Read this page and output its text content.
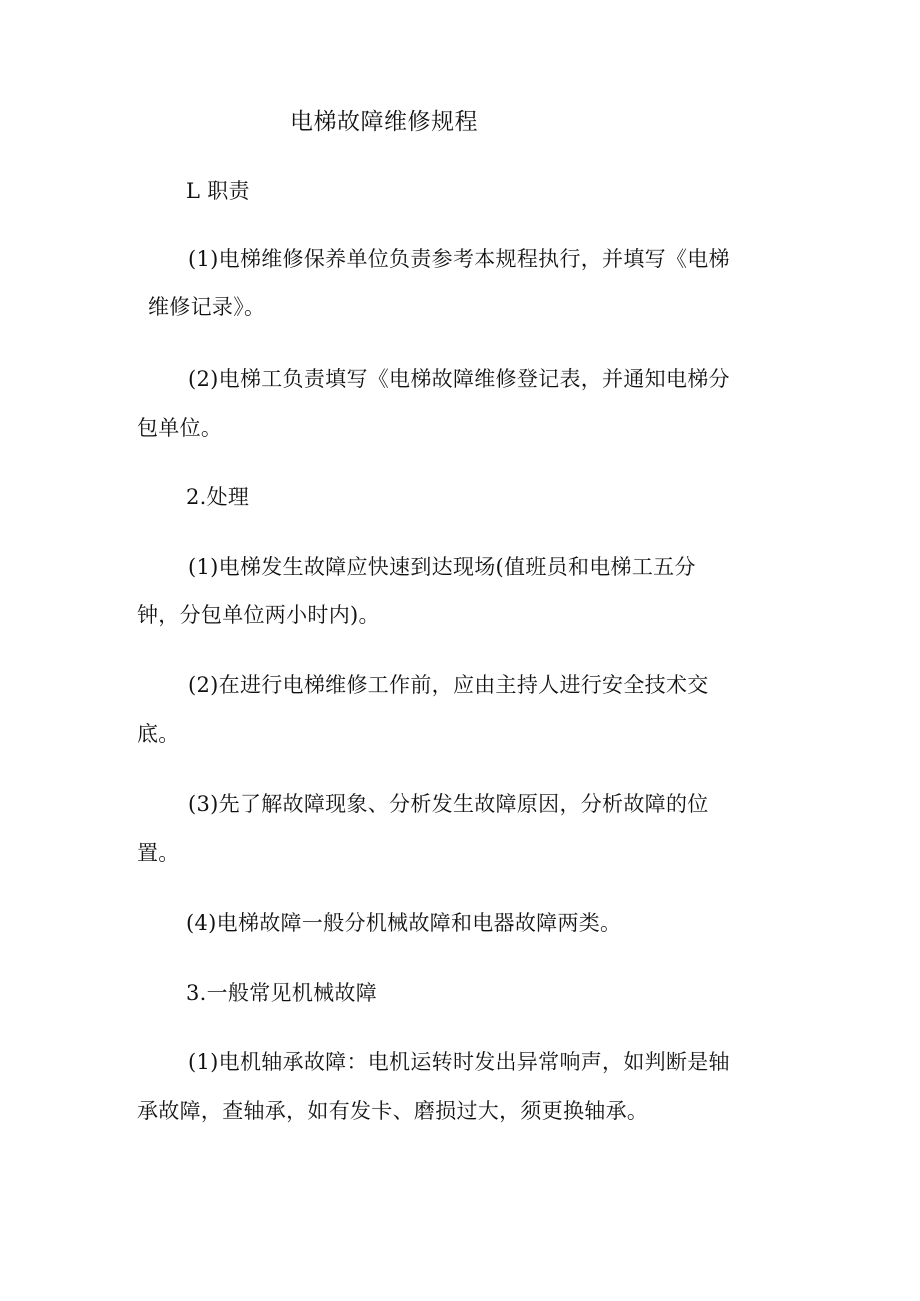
电梯故障维修规程
L 职责
(1)电梯维修保养单位负责参考本规程执行，并填写《电梯
维修记录》。
(2)电梯工负责填写《电梯故障维修登记表，并通知电梯分
包单位。
2.处理
(1)电梯发生故障应快速到达现场(值班员和电梯工五分
钟，分包单位两小时内)。
(2)在进行电梯维修工作前，应由主持人进行安全技术交
底。
(3)先了解故障现象、分析发生故障原因，分析故障的位
置。
(4)电梯故障一般分机械故障和电器故障两类。
3.一般常见机械故障
(1)电机轴承故障：电机运转时发出异常响声，如判断是轴
承故障，查轴承，如有发卡、磨损过大，须更换轴承。
